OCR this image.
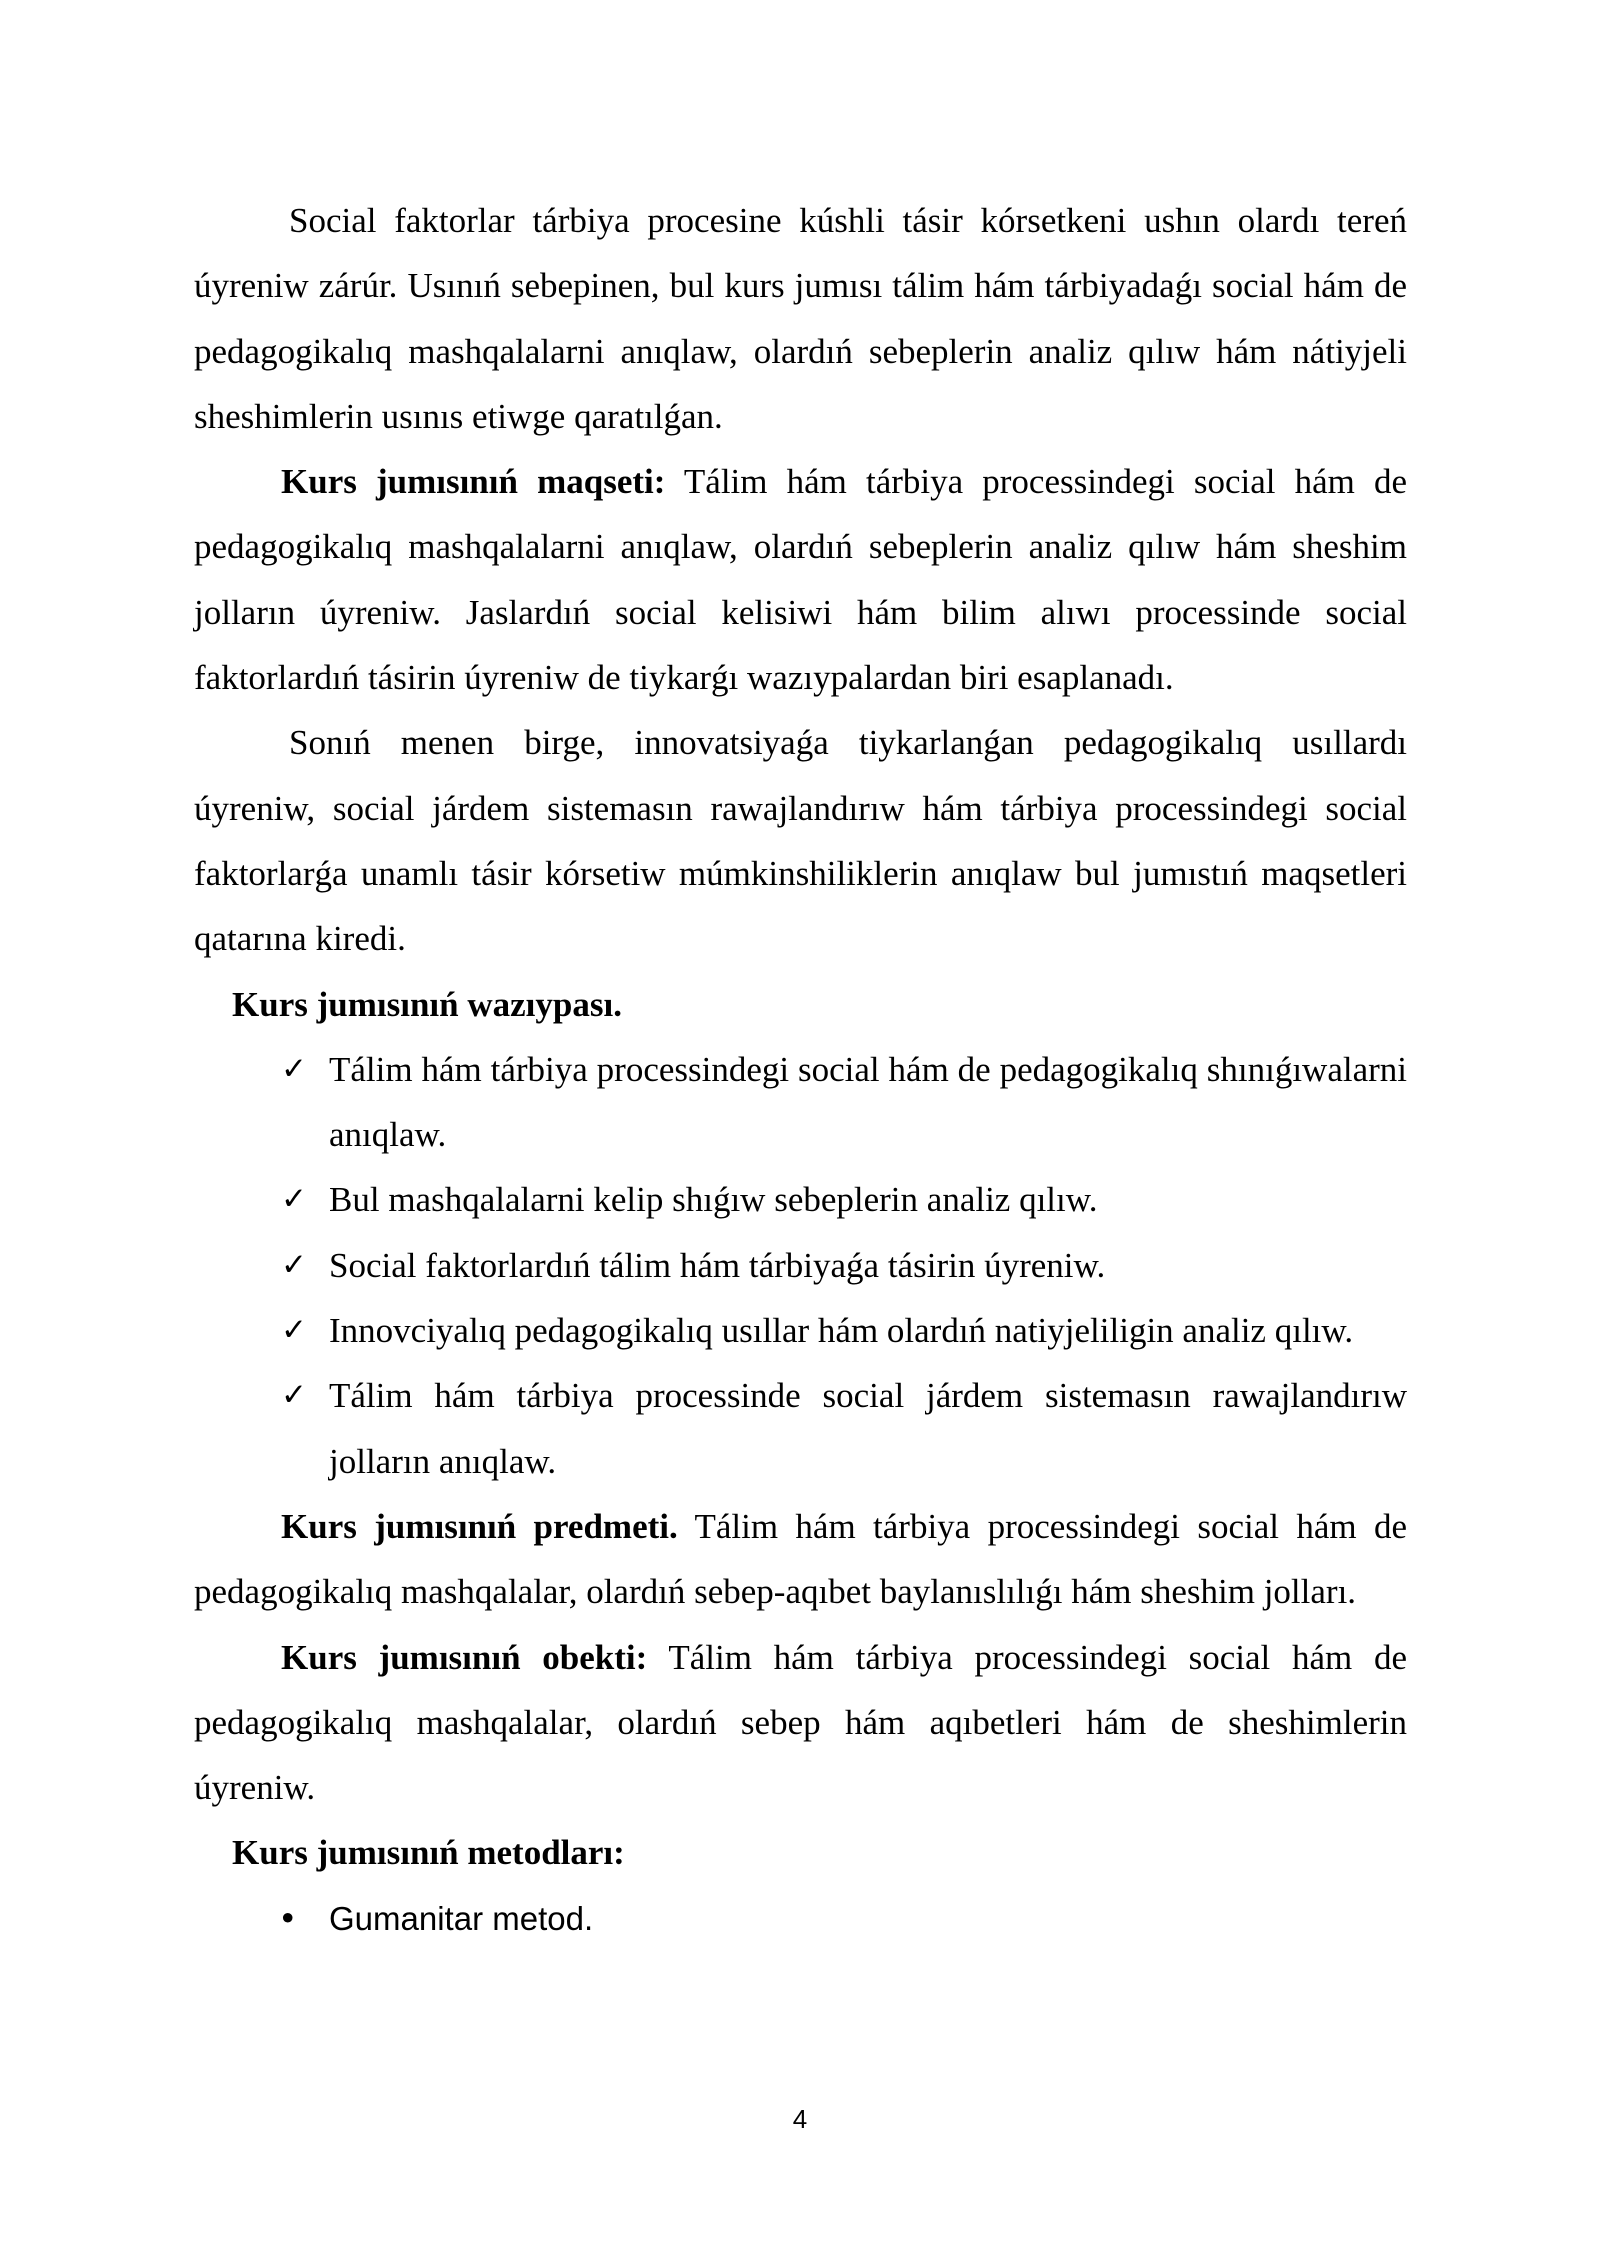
Social faktorlar tárbiya procesine kúshli tásir kórsetkeni ushın olardı tereń úyreniw zárúr. Usınıń sebepinen, bul kurs jumısı tálim hám tárbiyadaǵı social hám de pedagogikalıq mashqalalarni anıqlaw, olardıń sebeplerin analiz qılıw hám nátiyjeli sheshimlerin usınıs etiwge qaratılǵan.

Kurs jumısınıń maqseti: Tálim hám tárbiya processindegi social hám de pedagogikalıq mashqalalarni anıqlaw, olardıń sebeplerin analiz qılıw hám sheshim jolların úyreniw. Jaslardıń social kelisiwi hám bilim alıwı processinde social faktorlardıń tásirin úyreniw de tiykarǵı wazıypalardan biri esaplanadı.

Sonıń menen birge, innovatsiyaǵa tiykarlanǵan pedagogikalıq usıllardı úyreniw, social járdem sistemasın rawajlandırıw hám tárbiya processindegi social faktorlarǵa unamlı tásir kórsetiw múmkinshiliklerin anıqlaw bul jumıstıń maqsetleri qatarına kiredi.

Kurs jumısınıń wazıypası.

✓ Tálim hám tárbiya processindegi social hám de pedagogikalıq shınıǵıwalarni anıqlaw.
✓ Bul mashqalalarni kelip shıǵıw sebeplerin analiz qılıw.
✓ Social faktorlardıń tálim hám tárbiyaǵa tásirin úyreniw.
✓ Innovciyalıq pedagogikalıq usıllar hám olardıń natiyjeliligin analiz qılıw.
✓ Tálim hám tárbiya processinde social járdem sistemasın rawajlandırıw jolların anıqlaw.

Kurs jumısınıń predmeti. Tálim hám tárbiya processindegi social hám de pedagogikalıq mashqalalar, olardıń sebep-aqıbet baylanıslılıǵı hám sheshim jolları.

Kurs jumısınıń obekti: Tálim hám tárbiya processindegi social hám de pedagogikalıq mashqalalar, olardıń sebep hám aqıbetleri hám de sheshimlerin úyreniw.

Kurs jumısınıń metodları:

• Gumanitar metod.
4
